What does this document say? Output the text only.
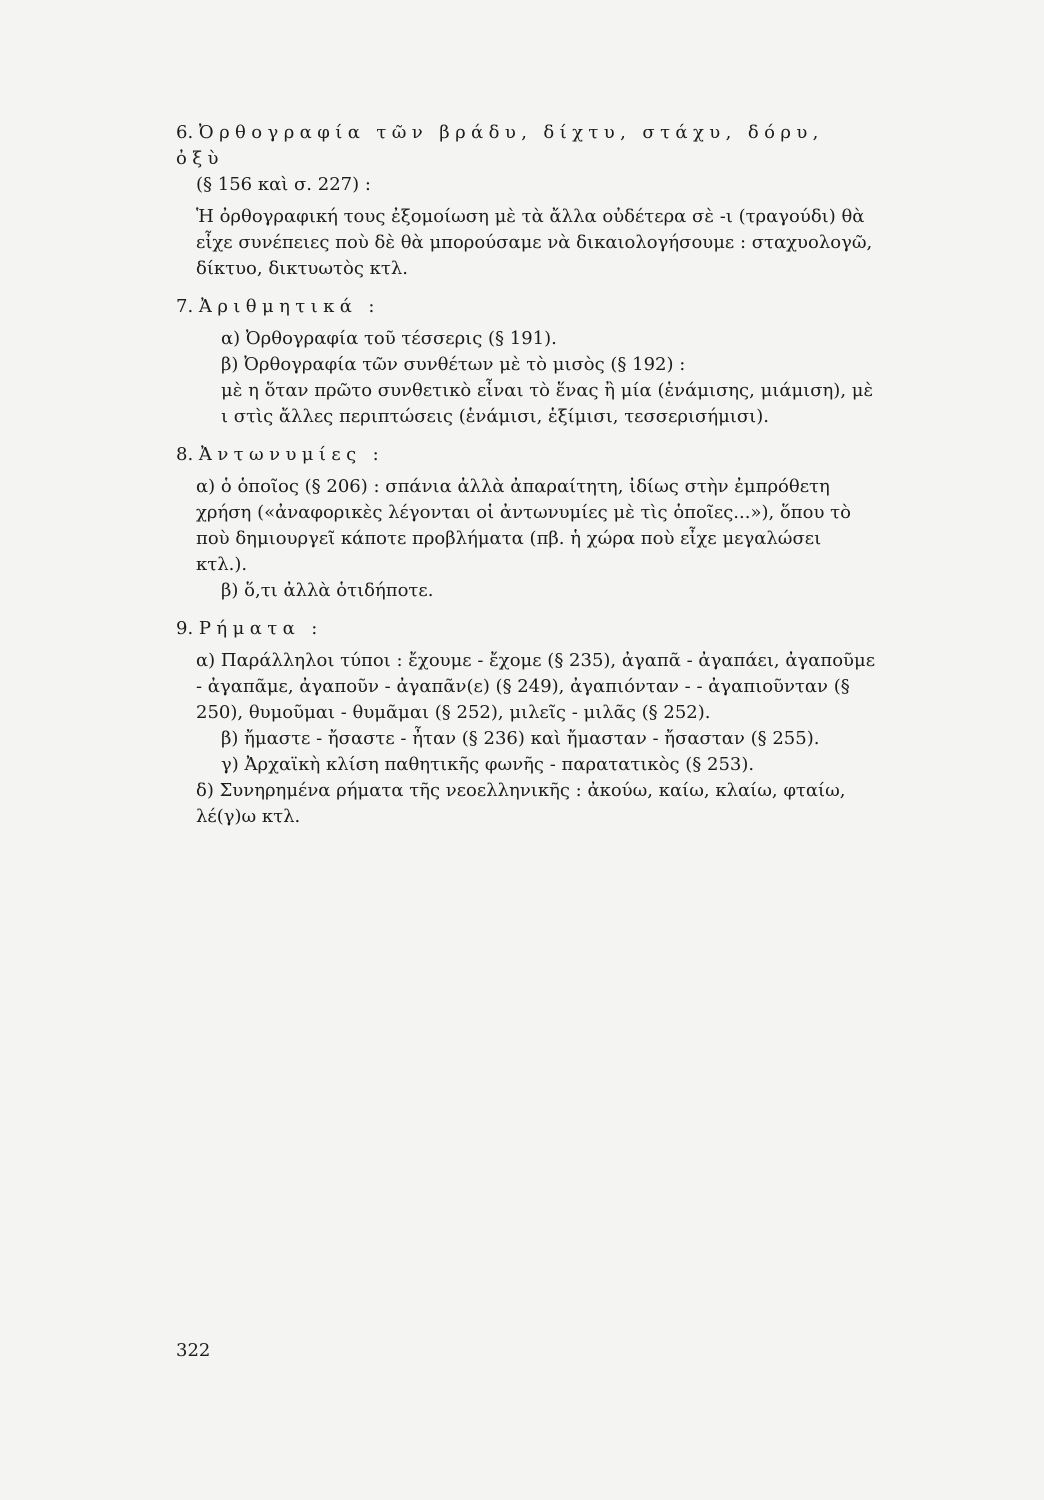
6. Ὀρθογραφία τῶν βράδυ, δίχτυ, στάχυ, δόρυ, ὀξὺ
(§ 156 καὶ σ. 227) :
Ἡ ὀρθογραφική τους ἐξομοίωση μὲ τὰ ἄλλα οὐδέτερα σὲ -ι (τραγούδι) θὰ εἶχε συνέπειες ποὺ δὲ θὰ μπορούσαμε νὰ δικαιολογήσουμε : σταχυολογῶ, δίκτυο, δικτυωτὸς κτλ.
7. Ἀριθμητικά :
α) Ὀρθογραφία τοῦ τέσσερις (§ 191).
β) Ὀρθογραφία τῶν συνθέτων μὲ τὸ μισὸς (§ 192) :
μὲ η ὅταν πρῶτο συνθετικὸ εἶναι τὸ ἕνας ἢ μία (ἑνάμισης, μιάμιση), μὲ ι στὶς ἄλλες περιπτώσεις (ἑνάμισι, ἑξίμισι, τεσσερισήμισι).
8. Ἀντωνυμίες :
α) ὁ ὁποῖος (§ 206) : σπάνια ἀλλὰ ἀπαραίτητη, ἰδίως στὴν ἐμπρόθετη χρήση («ἀναφορικὲς λέγονται οἱ ἀντωνυμίες μὲ τὶς ὁποῖες...»), ὅπου τὸ ποὺ δημιουργεῖ κάποτε προβλήματα (πβ. ἡ χώρα ποὺ εἶχε μεγαλώσει κτλ.).
β) ὅ,τι ἀλλὰ ὁτιδήποτε.
9. Ρήματα :
α) Παράλληλοι τύποι : ἔχουμε - ἔχομε (§ 235), ἀγαπᾶ - ἀγαπάει, ἀγαποῦμε - ἀγαπᾶμε, ἀγαποῦν - ἀγαπᾶν(ε) (§ 249), ἀγαπιόνταν - - ἀγαπιοῦνταν (§ 250), θυμοῦμαι - θυμᾶμαι (§ 252), μιλεῖς - μιλᾶς (§ 252).
β) ἤμαστε - ἤσαστε - ἦταν (§ 236) καὶ ἤμασταν - ἤσασταν (§ 255).
γ) Ἀρχαϊκὴ κλίση παθητικῆς φωνῆς - παρατατικὸς (§ 253).
δ) Συνηρημένα ρήματα τῆς νεοελληνικῆς : ἀκούω, καίω, κλαίω, φταίω, λέ(γ)ω κτλ.
322
